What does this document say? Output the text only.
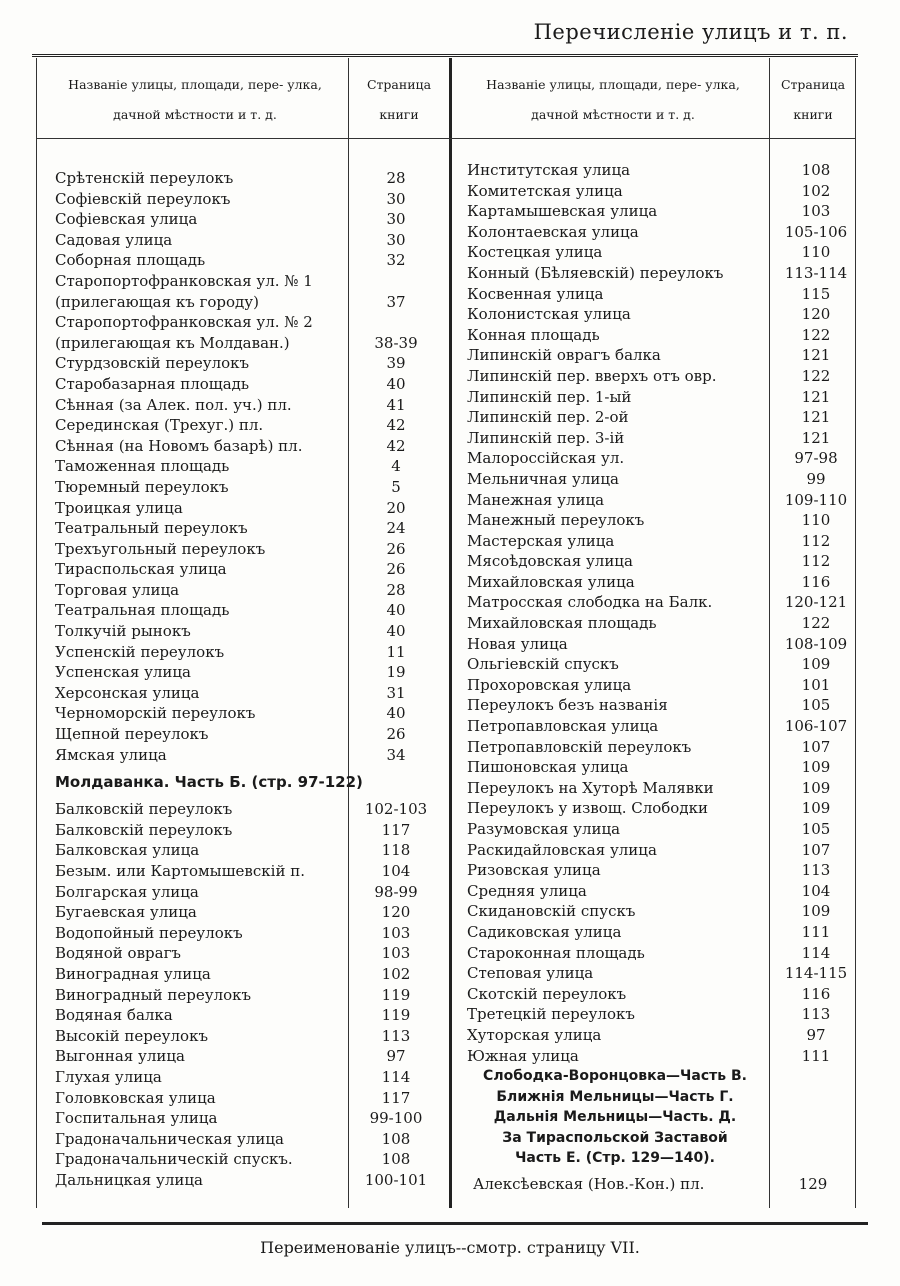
Перечисленіе улицъ и т. п.
Названіе улицы, площади, пере- улка, дачной мѣстности и т. д.
Страница книги
Названіе улицы, площади, пере- улка, дачной мѣстности и т. д.
Страница книги
Срѣтенскій переулокъ	28
Софіевскій переулокъ	30
Софіевская улица	30
Садовая улица	30
Соборная площадь	32
Старопортофранковская ул. № 1
(прилегающая къ городу)	37
Старопортофранковская ул. № 2
(прилегающая къ Молдаван.)	38-39
Стурдзовскій переулокъ	39
Старобазарная площадь	40
Сѣнная (за Алек. пол. уч.) пл.	41
Серединская (Трехуг.) пл.	42
Сѣнная (на Новомъ базарѣ) пл.	42
Таможенная площадь	4
Тюремный переулокъ	5
Троицкая улица	20
Театральный переулокъ	24
Трехъугольный переулокъ	26
Тираспольская улица	26
Торговая улица	28
Театральная площадь	40
Толкучій рынокъ	40
Успенскій переулокъ	11
Успенская улица	19
Херсонская улица	31
Черноморскій переулокъ	40
Щепной переулокъ	26
Ямская улица	34
Молдаванка. Часть Б. (стр. 97-122)
Балковскій переулокъ	102-103
Балковскій переулокъ	117
Балковская улица	118
Безым. или Картомышевскій п.	104
Болгарская улица	98-99
Бугаевская улица	120
Водопойный переулокъ	103
Водяной оврагъ	103
Виноградная улица	102
Виноградный переулокъ	119
Водяная балка	119
Высокій переулокъ	113
Выгонная улица	97
Глухая улица	114
Головковская улица	117
Госпитальная улица	99-100
Градоначальническая улица	108
Градоначальническій спускъ.	108
Дальницкая улица	100-101
Институтская улица	108
Комитетская улица	102
Картамышевская улица	103
Колонтаевская улица	105-106
Костецкая улица	110
Конный (Бѣляевскій) переулокъ	113-114
Косвенная улица	115
Колонистская улица	120
Конная площадь	122
Липинскій оврагъ балка	121
Липинскій пер. вверхъ отъ овр.	122
Липинскій пер. 1-ый	121
Липинскій пер. 2-ой	121
Липинскій пер. 3-ій	121
Малороссійская ул.	97-98
Мельничная улица	99
Манежная улица	109-110
Манежный переулокъ	110
Мастерская улица	112
Мясоѣдовская улица	112
Михайловская улица	116
Матросская слободка на Балк.	120-121
Михайловская площадь	122
Новая улица	108-109
Ольгіевскій спускъ	109
Прохоровская улица	101
Переулокъ безъ названія	105
Петропавловская улица	106-107
Петропавловскій переулокъ	107
Пишоновская улица	109
Переулокъ на Хуторѣ Малявки	109
Переулокъ у извощ. Слободки	109
Разумовская улица	105
Раскидайловская улица	107
Ризовская улица	113
Средняя улица	104
Скидановскій спускъ	109
Садиковская улица	111
Староконная площадь	114
Степовая улица	114-115
Скотскій переулокъ	116
Третецкій переулокъ	113
Хуторская улица	97
Южная улица	111
Слободка-Воронцовка—Часть В.
Ближнія Мельницы—Часть Г.
Дальнія Мельницы—Часть. Д.
За Тираспольской Заставой
Часть Е. (Стр. 129—140).
Алексѣевская (Нов.-Кон.) пл.	129
Переименованіе улицъ--смотр. страницу VII.
